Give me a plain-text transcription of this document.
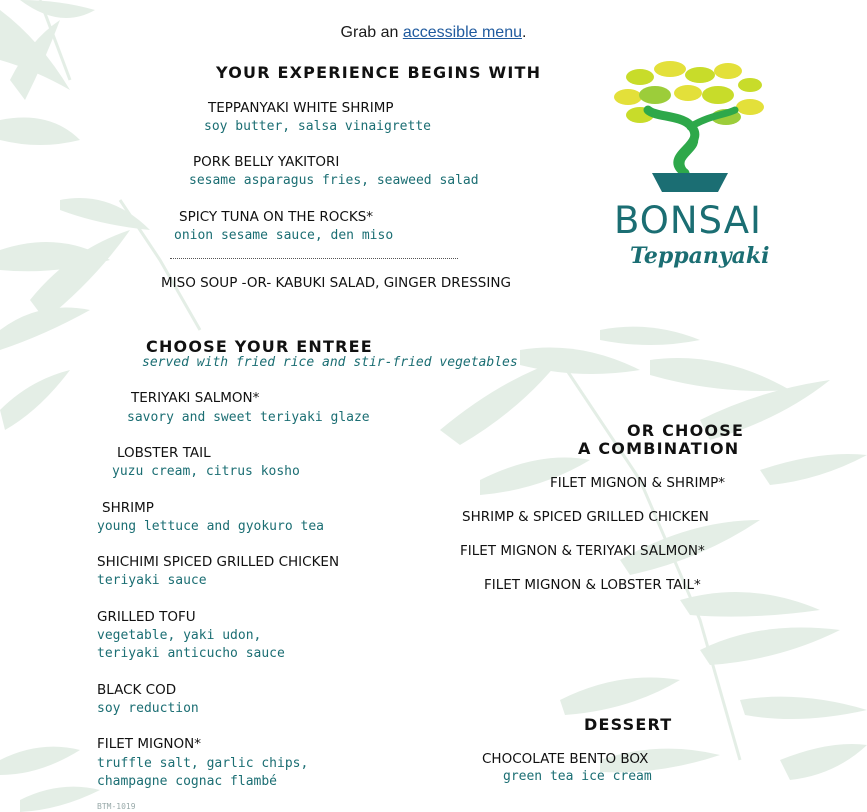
Grab an accessible menu.
YOUR EXPERIENCE BEGINS WITH
TEPPANYAKI WHITE SHRIMP
soy butter, salsa vinaigrette
PORK BELLY YAKITORI
sesame asparagus fries, seaweed salad
SPICY TUNA ON THE ROCKS*
onion sesame sauce, den miso
MISO SOUP -OR- KABUKI SALAD, GINGER DRESSING
BONSAI
Teppanyaki
CHOOSE YOUR ENTREE
served with fried rice and stir-fried vegetables
TERIYAKI SALMON*
savory and sweet teriyaki glaze
LOBSTER TAIL
yuzu cream, citrus kosho
SHRIMP
young lettuce and gyokuro tea
SHICHIMI SPICED GRILLED CHICKEN
teriyaki sauce
GRILLED TOFU
vegetable, yaki udon,
teriyaki anticucho sauce
BLACK COD
soy reduction
FILET MIGNON*
truffle salt, garlic chips,
champagne cognac flambé
OR CHOOSE
A COMBINATION
FILET MIGNON & SHRIMP*
SHRIMP & SPICED GRILLED CHICKEN
FILET MIGNON & TERIYAKI SALMON*
FILET MIGNON & LOBSTER TAIL*
DESSERT
CHOCOLATE BENTO BOX
green tea ice cream
BTM-1019
